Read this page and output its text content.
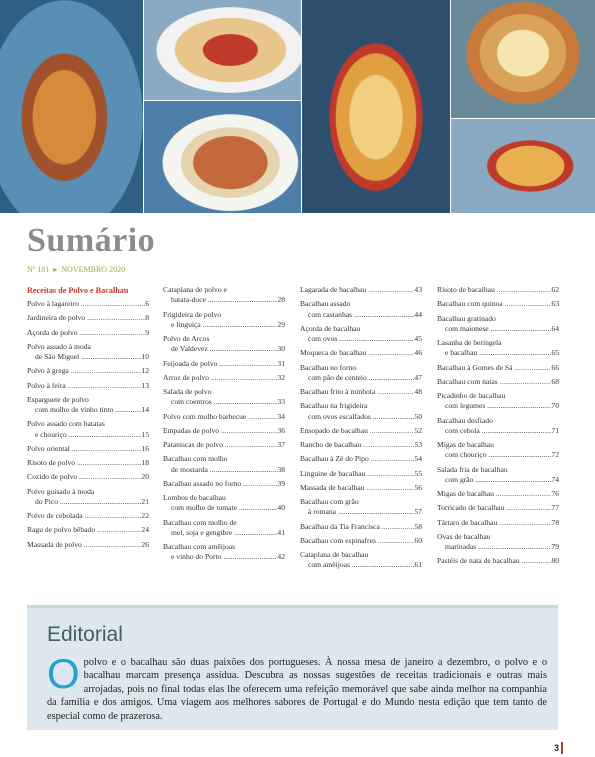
Sumário
Nº 181 ▸ NOVEMBRO 2020
Receitas de Polvo e Bacalhau
Polvo à lagareiro .....	6
Jardineira de polvo .....	8
Açorda de polvo .....	9
Polvo assado à moda
de São Miguel .....	10
Polvo à grega .....	12
Polvo à feira .....	13
Esparguete de polvo
com molho de vinho tinto .....	14
Polvo assado com batatas
e chouriço .....	15
Polvo oriental .....	16
Risoto de polvo .....	18
Cozido de polvo .....	20
Polvo guisado à moda
do Pico .....	21
Polvo de cebolada .....	22
Ragu de polvo bêbado .....	24
Massada de polvo .....	26
Cataplana de polvo e
batata-doce .....	28
Frigideira de polvo
e linguiça .....	29
Polvo de Arcos
de Valdevez .....	30
Feijoada de polvo .....	31
Arroz de polvo .....	32
Salada de polvo
com coentros .....	33
Polvo com molho barbecue .....	34
Empadas de polvo .....	36
Pataniscas de polvo .....	37
Bacalhau com molho
de mostarda .....	38
Bacalhau assado no forno .....	39
Lombos de bacalhau
com molho de tomate .....	40
Bacalhau com molho de
mel, soja e gengibre .....	41
Bacalhau com amêijoas
e vinho do Porto .....	42
Lagarada de bacalhau .....	43
Bacalhau assado
com castanhas .....	44
Açorda de bacalhau
com ovos .....	45
Moqueca de bacalhau .....	46
Bacalhau no forno
com pão de centeio .....	47
Bacalhau frito à minhota .....	48
Bacalhau na frigideira
com ovos escalfados .....	50
Ensopado de bacalhau .....	52
Rancho de bacalhau .....	53
Bacalhau à Zé do Pipo .....	54
Linguine de bacalhau .....	55
Massada de bacalhau .....	56
Bacalhau com grão
à romana .....	57
Bacalhau da Tia Francisca .....	58
Bacalhau com espinafres .....	60
Cataplana de bacalhau
com amêijoas .....	61
Risoto de bacalhau .....	62
Bacalhau com quinoa .....	63
Bacalhau gratinado
com maionese .....	64
Lasanha de beringela
e bacalhau .....	65
Bacalhau à Gomes de Sá .....	66
Bacalhau com natas .....	68
Picadinho de bacalhau
com legumes .....	70
Bacalhau desfiado
com cebola .....	71
Migas de bacalhau
com chouriço .....	72
Salada fria de bacalhau
com grão .....	74
Migas de bacalhau .....	76
Torricado de bacalhau .....	77
Tártaro de bacalhau .....	78
Ovas de bacalhau
marinadas .....	79
Pastéis de nata de bacalhau .....	80
Editorial
Opolvo e o bacalhau são duas paixões dos portugueses. À nossa mesa de janeiro a dezembro, o polvo e o bacalhau marcam presença assídua. Descubra as nossas sugestões de receitas tradicionais e outras mais arrojadas, pois no final todas elas lhe oferecem uma refeição memorável que sabe ainda melhor na companhia da família e dos amigos. Uma viagem aos melhores sabores de Portugal e do Mundo nesta edição que tem tanto de especial como de prazerosa.
3
